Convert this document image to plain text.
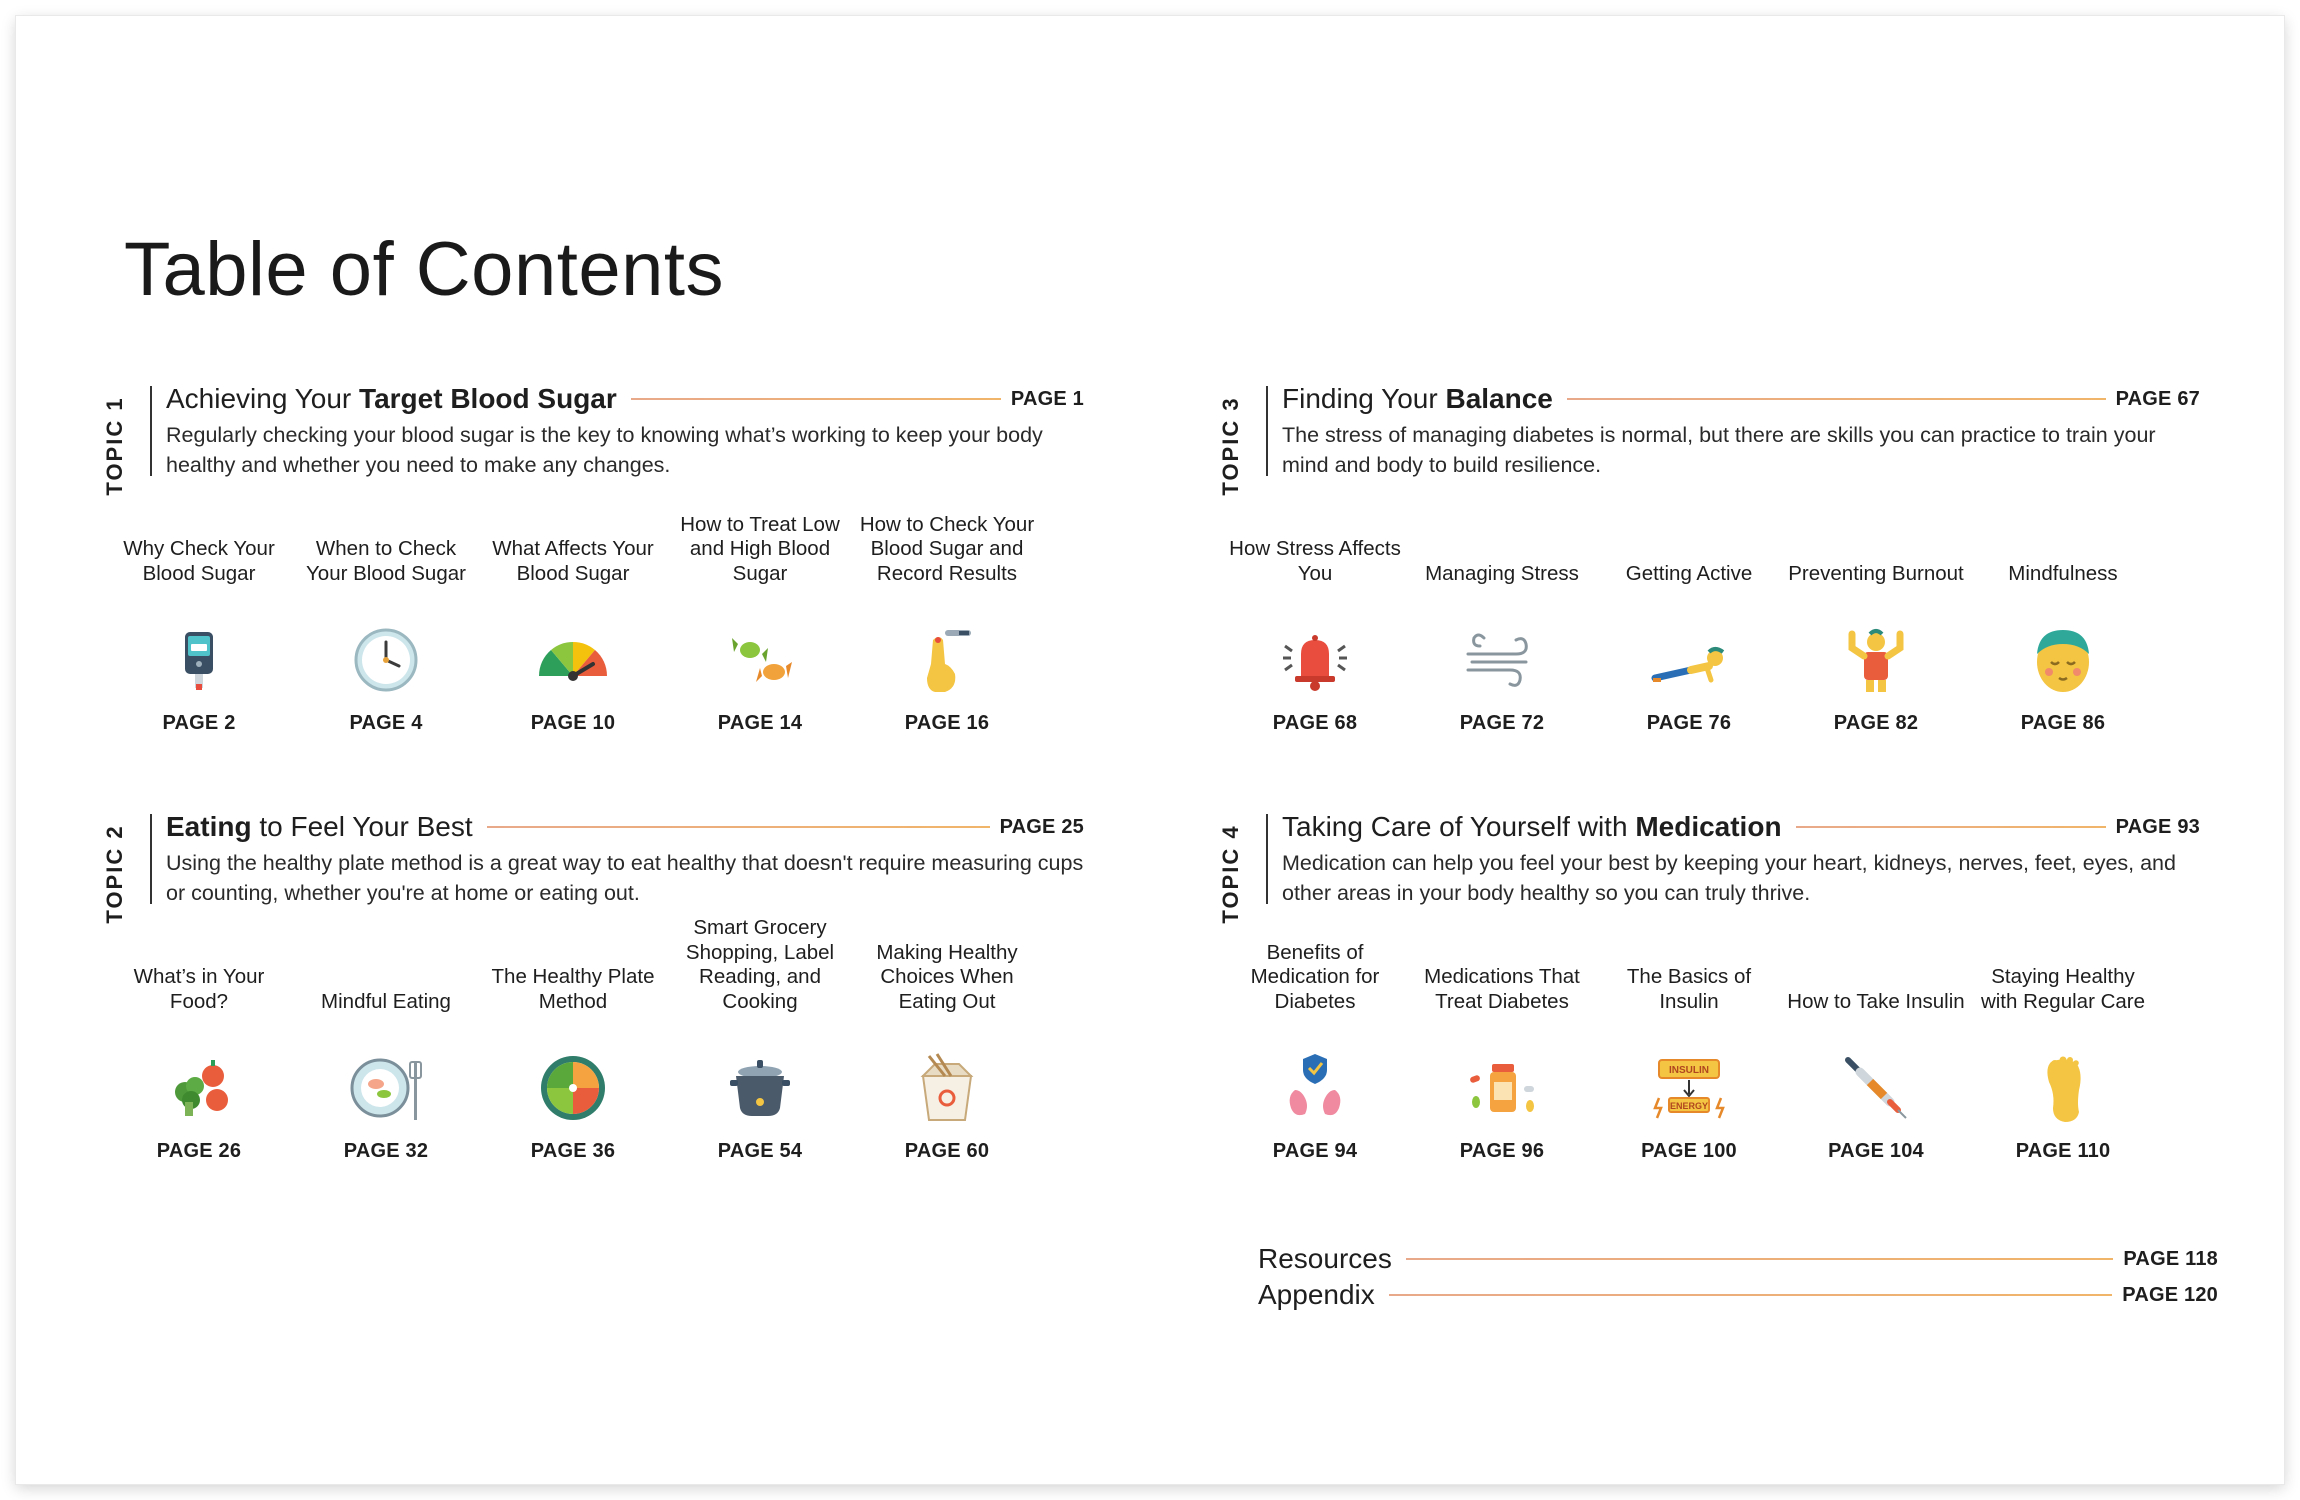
Table of Contents
TOPIC 1 Achieving Your Target Blood Sugar	PAGE 1
Regularly checking your blood sugar is the key to knowing what’s working to keep your body healthy and whether you need to make any changes.
Why Check Your Blood Sugar
PAGE 2
When to Check Your Blood Sugar
PAGE 4
What Affects Your Blood Sugar
PAGE 10
How to Treat Low and High Blood Sugar
PAGE 14
How to Check Your Blood Sugar and Record Results
PAGE 16
TOPIC 2 Eating to Feel Your Best	PAGE 25
Using the healthy plate method is a great way to eat healthy that doesn't require measuring cups or counting, whether you're at home or eating out.
What’s in Your Food?
PAGE 26
Mindful Eating
PAGE 32
The Healthy Plate Method
PAGE 36
Smart Grocery Shopping, Label Reading, and Cooking
PAGE 54
Making Healthy Choices When Eating Out
PAGE 60
TOPIC 3 Finding Your Balance	PAGE 67
The stress of managing diabetes is normal, but there are skills you can practice to train your mind and body to build resilience.
How Stress Affects You
PAGE 68
Managing Stress
PAGE 72
Getting Active
PAGE 76
Preventing Burnout
PAGE 82
Mindfulness
PAGE 86
TOPIC 4 Taking Care of Yourself with Medication	PAGE 93
Medication can help you feel your best by keeping your heart, kidneys, nerves, feet, eyes, and other areas in your body healthy so you can truly thrive.
Benefits of Medication for Diabetes
PAGE 94
Medications That Treat Diabetes
PAGE 96
The Basics of Insulin
INSULIN
ENERGY
PAGE 100
How to Take Insulin
PAGE 104
Staying Healthy with Regular Care
PAGE 110
Resources	PAGE 118
Appendix	PAGE 120
